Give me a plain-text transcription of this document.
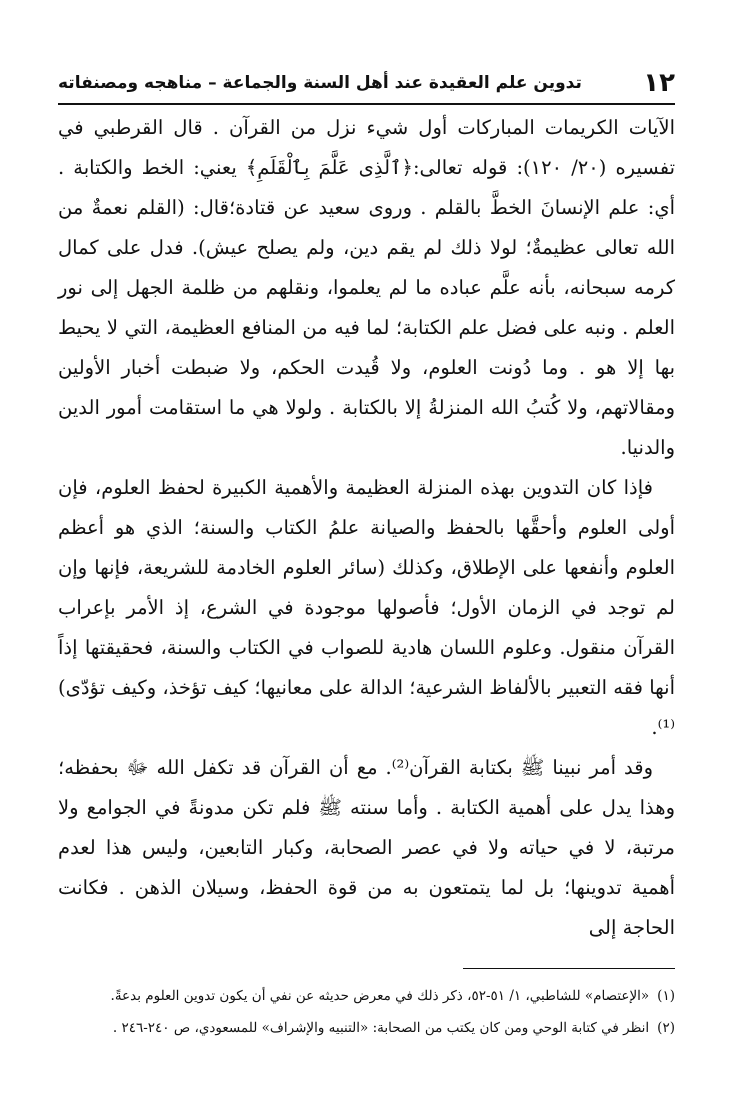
١٢
تدوين علم العقيدة عند أهل السنة والجماعة – مناهجه ومصنفاته

الآيات الكريمات المباركات أول شيء نزل من القرآن . قال القرطبي في تفسيره (٢٠/ ١٢٠): قوله تعالى:﴿ٱلَّذِى عَلَّمَ بِٱلْقَلَمِ﴾ يعني: الخط والكتابة . أي: علم الإنسانَ الخطَّ بالقلم . وروى سعيد عن قتادة؛قال: (القلم نعمةٌ من الله تعالى عظيمةٌ؛ لولا ذلك لم يقم دين، ولم يصلح عيش). فدل على كمال كرمه سبحانه، بأنه علَّم عباده ما لم يعلموا، ونقلهم من ظلمة الجهل إلى نور العلم . ونبه على فضل علم الكتابة؛ لما فيه من المنافع العظيمة، التي لا يحيط بها إلا هو . وما دُونت العلوم، ولا قُيدت الحكم، ولا ضبطت أخبار الأولين ومقالاتهم، ولا كُتبُ الله المنزلةُ إلا بالكتابة . ولولا هي ما استقامت أمور الدين والدنيا.

فإذا كان التدوين بهذه المنزلة العظيمة والأهمية الكبيرة لحفظ العلوم، فإن أولى العلوم وأحقَّها بالحفظ والصيانة علمُ الكتاب والسنة؛ الذي هو أعظم العلوم وأنفعها على الإطلاق، وكذلك (سائر العلوم الخادمة للشريعة، فإنها وإن لم توجد في الزمان الأول؛ فأصولها موجودة في الشرع، إذ الأمر بإعراب القرآن منقول. وعلوم اللسان هادية للصواب في الكتاب والسنة، فحقيقتها إذاً أنها فقه التعبير بالألفاظ الشرعية؛ الدالة على معانيها؛ كيف تؤخذ، وكيف تؤدّى)⁽¹⁾.

وقد أمر نبينا ﷺ بكتابة القرآن⁽²⁾. مع أن القرآن قد تكفل الله ﷻ بحفظه؛ وهذا يدل على أهمية الكتابة . وأما سنته ﷺ فلم تكن مدونةً في الجوامع ولا مرتبة، لا في حياته ولا في عصر الصحابة، وكبار التابعين، وليس هذا لعدم أهمية تدوينها؛ بل لما يتمتعون به من قوة الحفظ، وسيلان الذهن . فكانت الحاجة إلى

(١)
«الإعتصام» للشاطبي، ١/ ٥١-٥٢، ذكر ذلك في معرض حديثه عن نفي أن يكون تدوين العلوم بدعةً.
(٢)
انظر في كتابة الوحي ومن كان يكتب من الصحابة: «التنبيه والإشراف» للمسعودي، ص ٢٤٠-٢٤٦ .
